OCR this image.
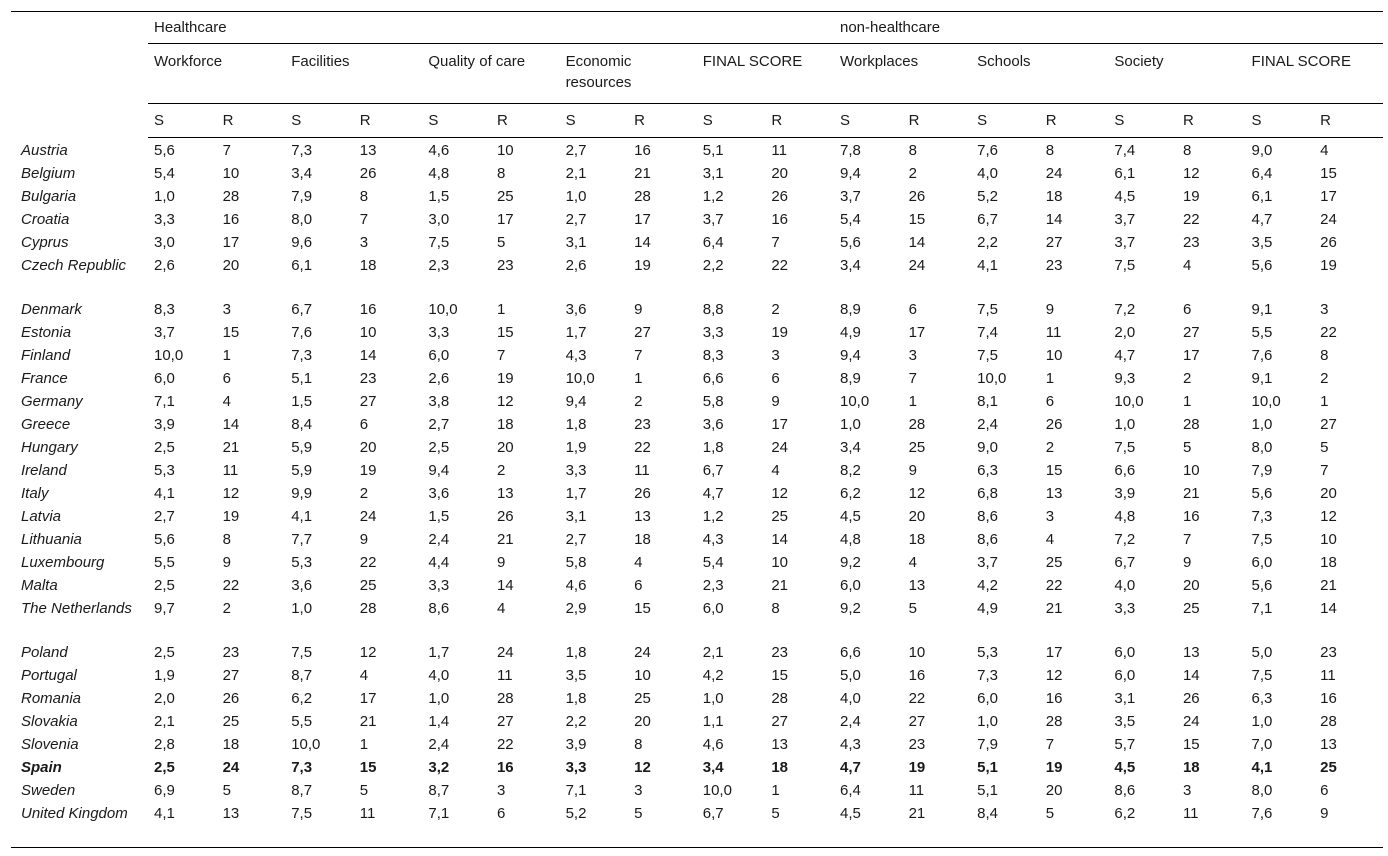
	Healthcare										non-healthcare							
	Workforce		Facilities		Quality of care		Economic resources		FINAL SCORE		Workplaces		Schools		Society		FINAL SCORE	
	S	R	S	R	S	R	S	R	S	R	S	R	S	R	S	R	S	R
Austria	5,6	7	7,3	13	4,6	10	2,7	16	5,1	11	7,8	8	7,6	8	7,4	8	9,0	4
Belgium	5,4	10	3,4	26	4,8	8	2,1	21	3,1	20	9,4	2	4,0	24	6,1	12	6,4	15
Bulgaria	1,0	28	7,9	8	1,5	25	1,0	28	1,2	26	3,7	26	5,2	18	4,5	19	6,1	17
Croatia	3,3	16	8,0	7	3,0	17	2,7	17	3,7	16	5,4	15	6,7	14	3,7	22	4,7	24
Cyprus	3,0	17	9,6	3	7,5	5	3,1	14	6,4	7	5,6	14	2,2	27	3,7	23	3,5	26
Czech Republic	2,6	20	6,1	18	2,3	23	2,6	19	2,2	22	3,4	24	4,1	23	7,5	4	5,6	19
Denmark	8,3	3	6,7	16	10,0	1	3,6	9	8,8	2	8,9	6	7,5	9	7,2	6	9,1	3
Estonia	3,7	15	7,6	10	3,3	15	1,7	27	3,3	19	4,9	17	7,4	11	2,0	27	5,5	22
Finland	10,0	1	7,3	14	6,0	7	4,3	7	8,3	3	9,4	3	7,5	10	4,7	17	7,6	8
France	6,0	6	5,1	23	2,6	19	10,0	1	6,6	6	8,9	7	10,0	1	9,3	2	9,1	2
Germany	7,1	4	1,5	27	3,8	12	9,4	2	5,8	9	10,0	1	8,1	6	10,0	1	10,0	1
Greece	3,9	14	8,4	6	2,7	18	1,8	23	3,6	17	1,0	28	2,4	26	1,0	28	1,0	27
Hungary	2,5	21	5,9	20	2,5	20	1,9	22	1,8	24	3,4	25	9,0	2	7,5	5	8,0	5
Ireland	5,3	11	5,9	19	9,4	2	3,3	11	6,7	4	8,2	9	6,3	15	6,6	10	7,9	7
Italy	4,1	12	9,9	2	3,6	13	1,7	26	4,7	12	6,2	12	6,8	13	3,9	21	5,6	20
Latvia	2,7	19	4,1	24	1,5	26	3,1	13	1,2	25	4,5	20	8,6	3	4,8	16	7,3	12
Lithuania	5,6	8	7,7	9	2,4	21	2,7	18	4,3	14	4,8	18	8,6	4	7,2	7	7,5	10
Luxembourg	5,5	9	5,3	22	4,4	9	5,8	4	5,4	10	9,2	4	3,7	25	6,7	9	6,0	18
Malta	2,5	22	3,6	25	3,3	14	4,6	6	2,3	21	6,0	13	4,2	22	4,0	20	5,6	21
The Netherlands	9,7	2	1,0	28	8,6	4	2,9	15	6,0	8	9,2	5	4,9	21	3,3	25	7,1	14
Poland	2,5	23	7,5	12	1,7	24	1,8	24	2,1	23	6,6	10	5,3	17	6,0	13	5,0	23
Portugal	1,9	27	8,7	4	4,0	11	3,5	10	4,2	15	5,0	16	7,3	12	6,0	14	7,5	11
Romania	2,0	26	6,2	17	1,0	28	1,8	25	1,0	28	4,0	22	6,0	16	3,1	26	6,3	16
Slovakia	2,1	25	5,5	21	1,4	27	2,2	20	1,1	27	2,4	27	1,0	28	3,5	24	1,0	28
Slovenia	2,8	18	10,0	1	2,4	22	3,9	8	4,6	13	4,3	23	7,9	7	5,7	15	7,0	13
Spain	2,5	24	7,3	15	3,2	16	3,3	12	3,4	18	4,7	19	5,1	19	4,5	18	4,1	25
Sweden	6,9	5	8,7	5	8,7	3	7,1	3	10,0	1	6,4	11	5,1	20	8,6	3	8,0	6
United Kingdom	4,1	13	7,5	11	7,1	6	5,2	5	6,7	5	4,5	21	8,4	5	6,2	11	7,6	9
